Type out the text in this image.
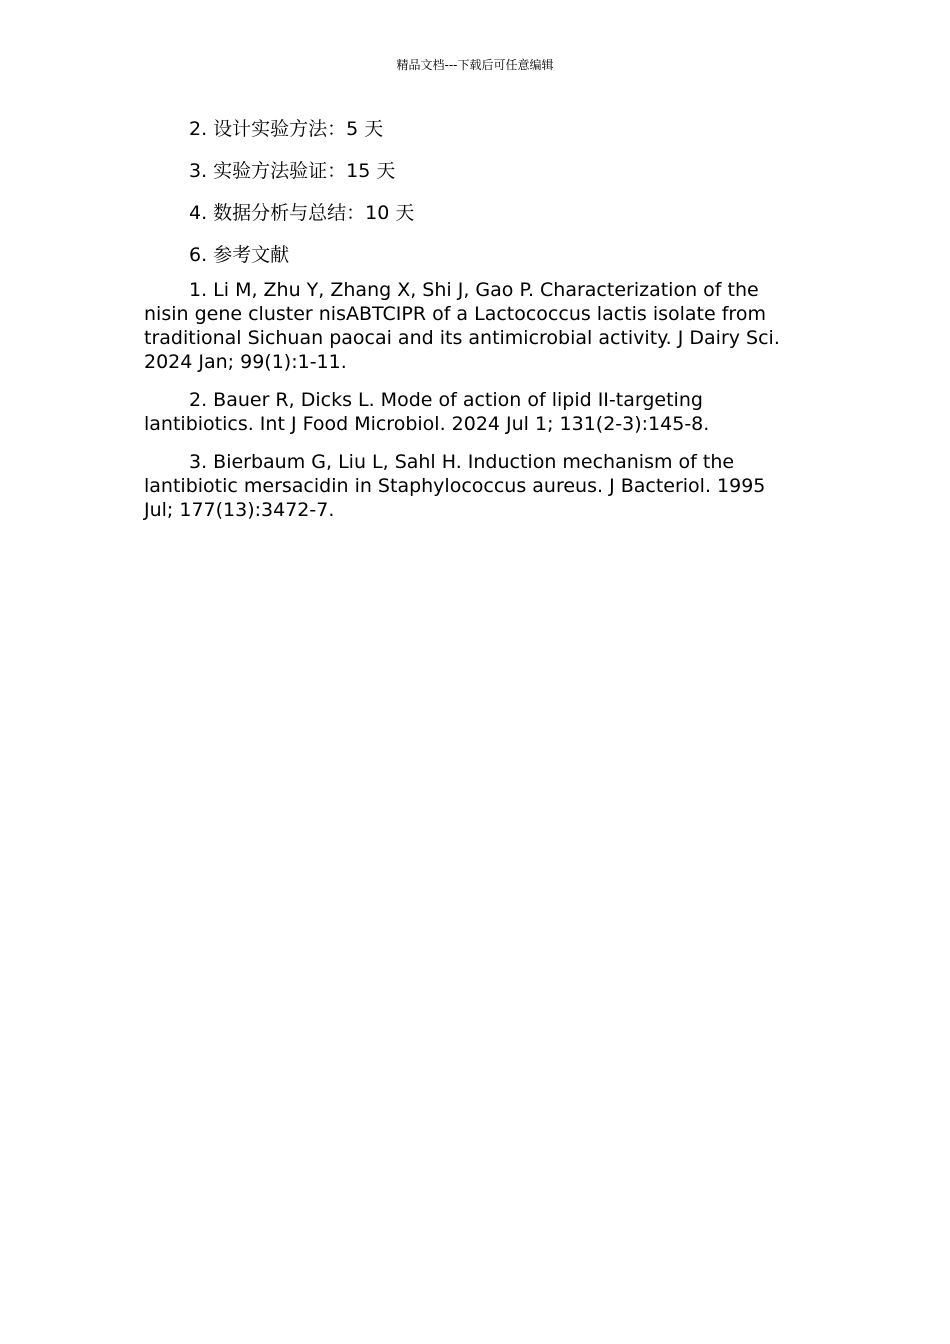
精品文档---下载后可任意编辑

2. 设计实验方法：5 天

3. 实验方法验证：15 天

4. 数据分析与总结：10 天

6. 参考文献

1. Li M, Zhu Y, Zhang X, Shi J, Gao P. Characterization of the nisin gene cluster nisABTCIPR of a Lactococcus lactis isolate from traditional Sichuan paocai and its antimicrobial activity. J Dairy Sci. 2024 Jan; 99(1):1-11.

2. Bauer R, Dicks L. Mode of action of lipid II-targeting lantibiotics. Int J Food Microbiol. 2024 Jul 1; 131(2-3):145-8.

3. Bierbaum G, Liu L, Sahl H. Induction mechanism of the lantibiotic mersacidin in Staphylococcus aureus. J Bacteriol. 1995 Jul; 177(13):3472-7.
